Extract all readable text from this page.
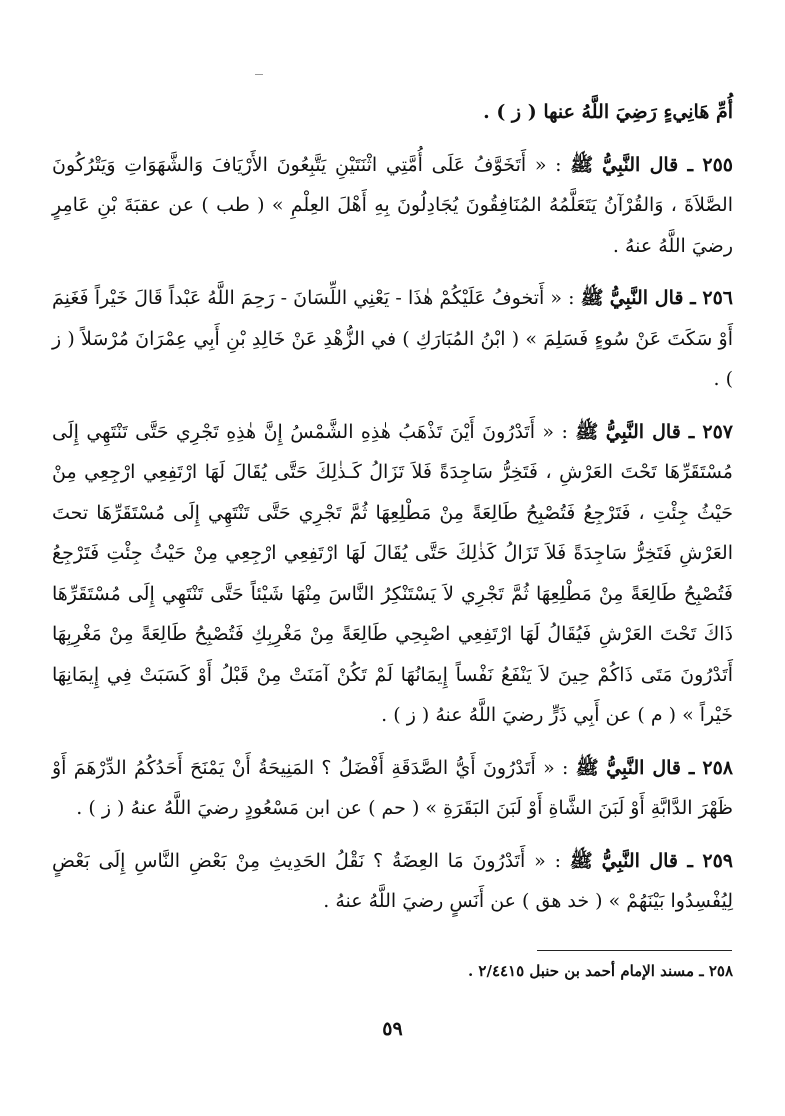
أُمِّ هَانِيءٍ رَضِيَ اللَّهُ عنها ( ز ) .

٢٥٥ ـ قال النَّبِيُّ ﷺ : « أَتَخَوَّفُ عَلَى أُمَّتِي اثْنَتَيْنِ يَتَّبِعُونَ الأَرْيَافَ وَالشَّهَوَاتِ وَيَتْرُكُونَ الصَّلاَةَ ، وَالقُرْآنُ يَتَعَلَّمُهُ المُنَافِقُونَ يُجَادِلُونَ بِهِ أَهْلَ العِلْمِ » ( طب ) عن عقبَةَ بْنِ عَامِرٍ رضيَ اللَّهُ عنهُ .

٢٥٦ ـ قال النَّبِيُّ ﷺ : « أَتخوفُ عَلَيْكُمْ هٰذَا - يَعْنِي اللِّسَانَ - رَحِمَ اللَّهُ عَبْداً قَالَ خَيْراً فَغَنِمَ أَوْ سَكَتَ عَنْ سُوءٍ فَسَلِمَ » ( ابْنُ المُبَارَكِ ) في الزُّهْدِ عَنْ خَالِدِ بْنِ أَبِي عِمْرَانَ مُرْسَلاً ( ز ) .

٢٥٧ ـ قال النَّبِيُّ ﷺ : « أَتَدْرُونَ أَيْنَ تَذْهَبُ هٰذِهِ الشَّمْسُ إِنَّ هٰذِهِ تَجْرِي حَتَّى تَنْتَهِي إِلَى مُسْتَقَرِّهَا تَحْتَ العَرْشِ ، فَتَخِرُّ سَاجِدَةً فَلاَ تَزَالُ كَـذٰلِكَ حَتَّى يُقَالَ لَهَا ارْتَفِعِي ارْجِعِي مِنْ حَيْثُ جِئْتِ ، فَتَرْجِعُ فَتُصْبِحُ طَالِعَةً مِنْ مَطْلِعِهَا ثُمَّ تَجْرِي حَتَّى تَنْتَهِي إِلَى مُسْتَقَرِّهَا تحتَ العَرْشِ فَتَخِرُّ سَاجِدَةً فَلاَ تَزَالُ كَذٰلِكَ حَتَّى يُقَالَ لَهَا ارْتَفِعِي ارْجِعِي مِنْ حَيْثُ جِئْتِ فَتَرْجِعُ فَتُصْبِحُ طَالِعَةً مِنْ مَطْلِعِهَا ثُمَّ تَجْرِي لاَ يَسْتَنْكِرُ النَّاسَ مِنْهَا شَيْئاً حَتَّى تَنْتَهِي إِلَى مُسْتَقَرِّهَا ذَاكَ تَحْتَ العَرْشِ فَيُقَالُ لَهَا ارْتَفِعِي اصْبِحِي طَالِعَةً مِنْ مَغْرِبِكِ فَتُصْبِحُ طَالِعَةً مِنْ مَغْرِبِهَا أَتَدْرُونَ مَتَى ذَاكُمْ حِينَ لاَ يَنْفَعُ نَفْساً إِيمَانُهَا لَمْ تَكُنْ آمَنَتْ مِنْ قَبْلُ أَوْ كَسَبَتْ فِي إِيمَانِهَا خَيْراً » ( م ) عن أَبِي ذَرٍّ رضيَ اللَّهُ عنهُ ( ز ) .

٢٥٨ ـ قال النَّبِيُّ ﷺ : « أَتَدْرُونَ أَيُّ الصَّدَقَةِ أَفْضَلُ ؟ المَنِيحَةُ أَنْ يَمْنَحَ أَحَدُكُمُ الدِّرْهَمَ أَوْ ظَهْرَ الدَّابَّةِ أَوْ لَبَنَ الشَّاةِ أَوْ لَبَنَ البَقَرَةِ » ( حم ) عن ابن مَسْعُودٍ رضيَ اللَّهُ عنهُ ( ز ) .

٢٥٩ ـ قال النَّبِيُّ ﷺ : « أَتَدْرُونَ مَا العِضَةُ ؟ نَقْلُ الحَدِيثِ مِنْ بَعْضِ النَّاسِ إِلَى بَعْضٍ لِيُفْسِدُوا بَيْنَهُمْ » ( خد هق ) عن أَنَسٍ رضيَ اللَّهُ عنهُ .

٢٥٨ ـ مسند الإمام أحمد بن حنبل ٢/٤٤١٥ .
٥٩
